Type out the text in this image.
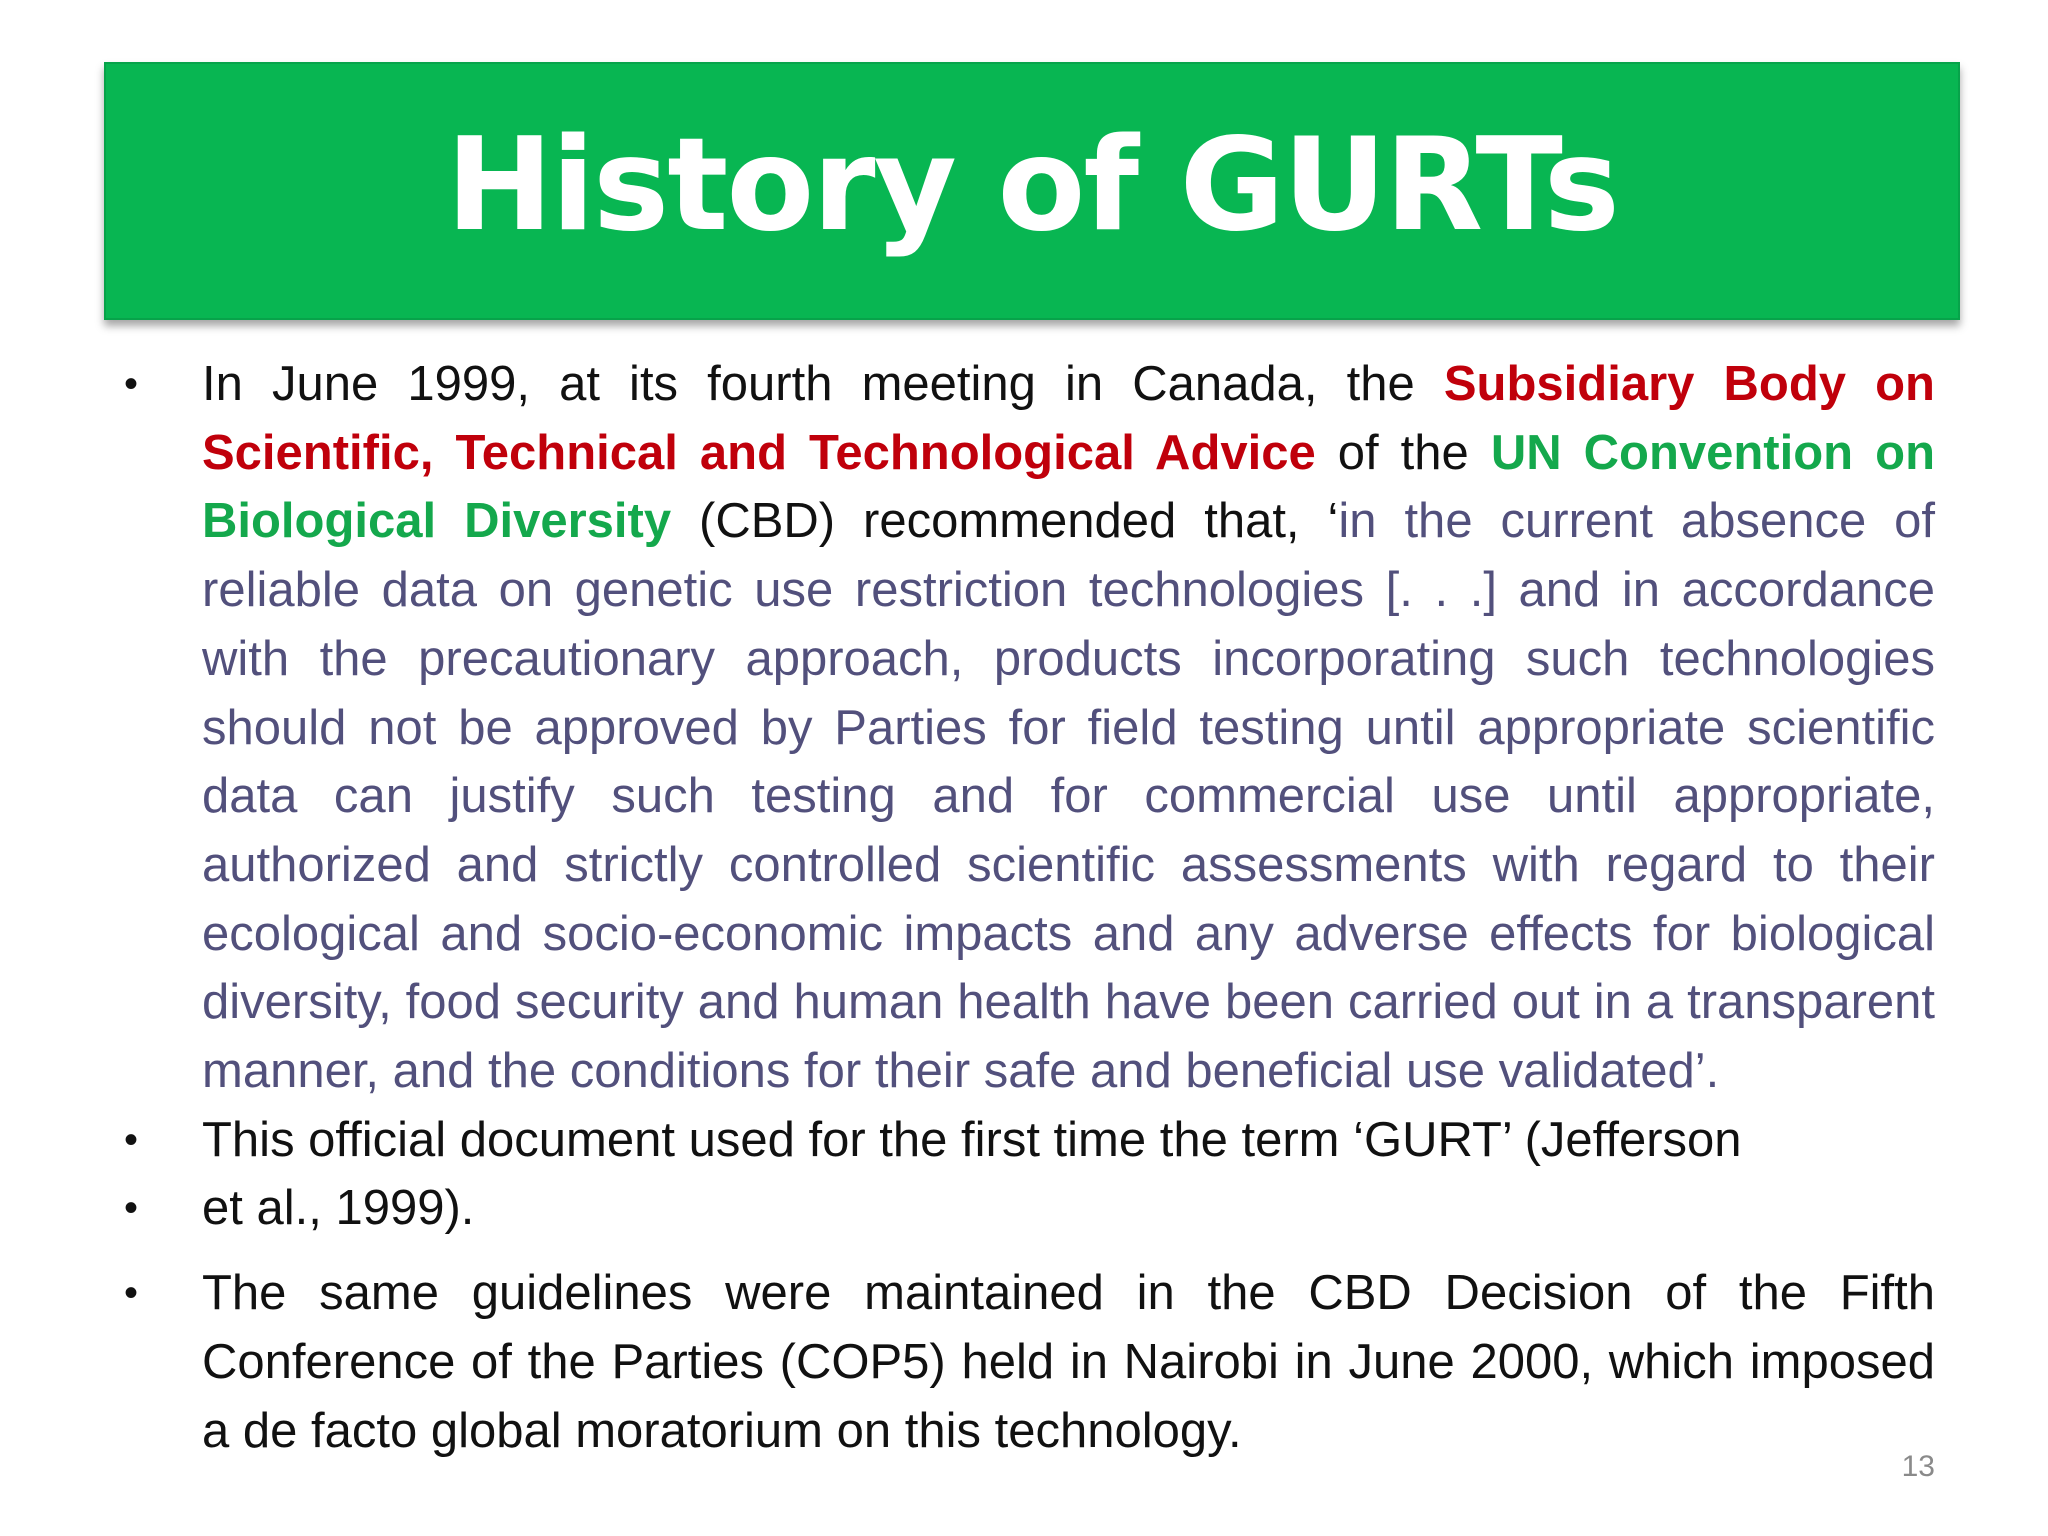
History of GURTs
•	In June 1999, at its fourth meeting in Canada, the Subsidiary Body on Scientific, Technical and Technological Advice of the UN Convention on Biological Diversity (CBD) recommended that, ‘in the current absence of reliable data on genetic use restriction technologies [. . .] and in accordance with the precautionary approach, products incorporating such technologies should not be approved by Parties for field testing until appropriate scientific data can justify such testing and for commercial use until appropriate, authorized and strictly controlled scientific assessments with regard to their ecological and socio-economic impacts and any adverse effects for biological diversity, food security and human health have been carried out in a transparent manner, and the conditions for their safe and beneficial use validated’.
•	This official document used for the first time the term ‘GURT’ (Jefferson
•	et al., 1999).
•	The same guidelines were maintained in the CBD Decision of the Fifth Conference of the Parties (COP5) held in Nairobi in June 2000, which imposed a de facto global moratorium on this technology.
13
